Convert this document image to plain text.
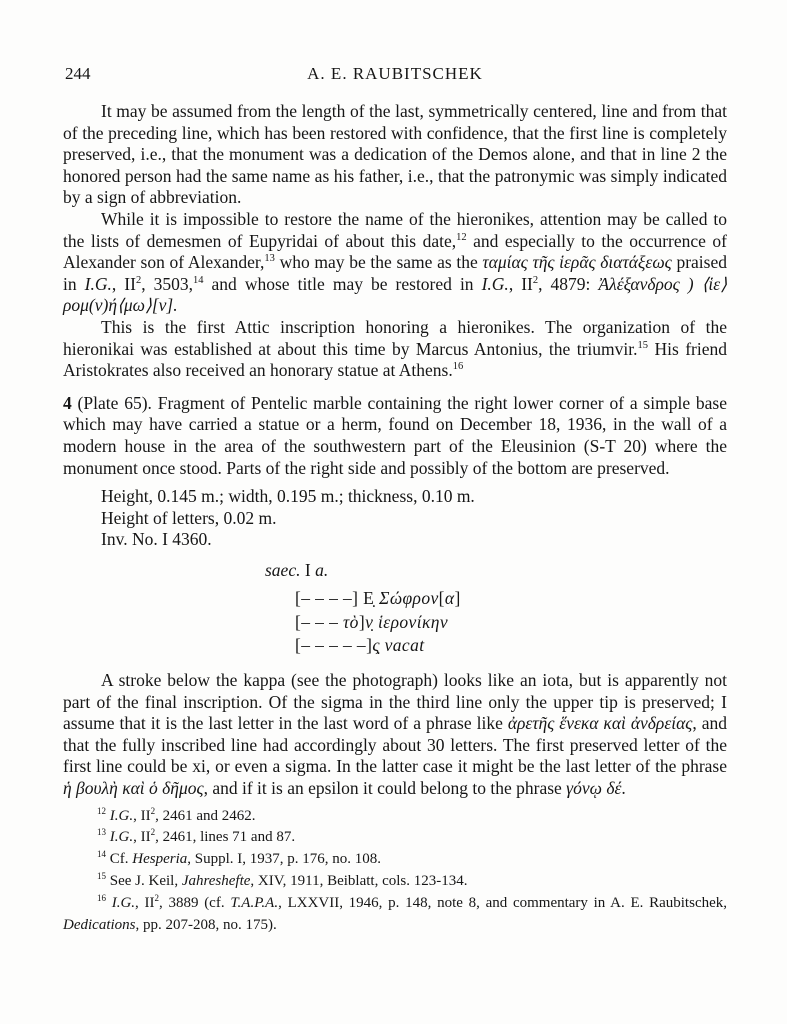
244	A. E. RAUBITSCHEK
It may be assumed from the length of the last, symmetrically centered, line and from that of the preceding line, which has been restored with confidence, that the first line is completely preserved, i.e., that the monument was a dedication of the Demos alone, and that in line 2 the honored person had the same name as his father, i.e., that the patronymic was simply indicated by a sign of abbreviation.
While it is impossible to restore the name of the hieronikes, attention may be called to the lists of demesmen of Eupyridai of about this date,$^{12}$ and especially to the occurrence of Alexander son of Alexander,$^{13}$ who may be the same as the ταμίας τῆς ἱερᾶς διατάξεως praised in I.G., $II^2$, 3503,14 and whose title may be restored in I.G., $II^2$, 4879: Ἀλέξανδρος ) ⟨ἱε⟩ρομ(ν)ή⟨μω⟩[ν].
This is the first Attic inscription honoring a hieronikes. The organization of the hieronikai was established at about this time by Marcus Antonius, the triumvir.$^{15}$ His friend Aristokrates also received an honorary statue at Athens.$^{16}$
4 (Plate 65). Fragment of Pentelic marble containing the right lower corner of a simple base which may have carried a statue or a herm, found on December 18, 1936, in the wall of a modern house in the area of the southwestern part of the Eleusinion (S-T 20) where the monument once stood. Parts of the right side and possibly of the bottom are preserved.
Height, 0.145 m.; width, 0.195 m.; thickness, 0.10 m.
Height of letters, 0.02 m.
Inv. No. I 4360.
saec. I a.
[– – – –] Ε̣ Σώφρον[α]
[– – – τὸ]ν̣ ἱερονίκην
[– – – – –]ς̣ vacat
A stroke below the kappa (see the photograph) looks like an iota, but is apparently not part of the final inscription. Of the sigma in the third line only the upper tip is preserved; I assume that it is the last letter in the last word of a phrase like ἀρετῆς ἕνεκα καὶ ἀνδρείας, and that the fully inscribed line had accordingly about 30 letters. The first preserved letter of the first line could be xi, or even a sigma. In the latter case it might be the last letter of the phrase ἡ βουλὴ καὶ ὁ δῆμος, and if it is an epsilon it could belong to the phrase γόνῳ δέ.
$^{12}$ I.G., $II^2$, 2461 and 2462.
$^{13}$ I.G., $II^2$, 2461, lines 71 and 87.
$^{14}$ Cf. Hesperia, Suppl. I, 1937, p. 176, no. 108.
$^{15}$ See J. Keil, Jahreshefte, XIV, 1911, Beiblatt, cols. 123-134.
$^{16}$ I.G., $II^2$, 3889 (cf. T.A.P.A., LXXVII, 1946, p. 148, note 8, and commentary in A. E. Raubitschek, Dedications, pp. 207-208, no. 175).
